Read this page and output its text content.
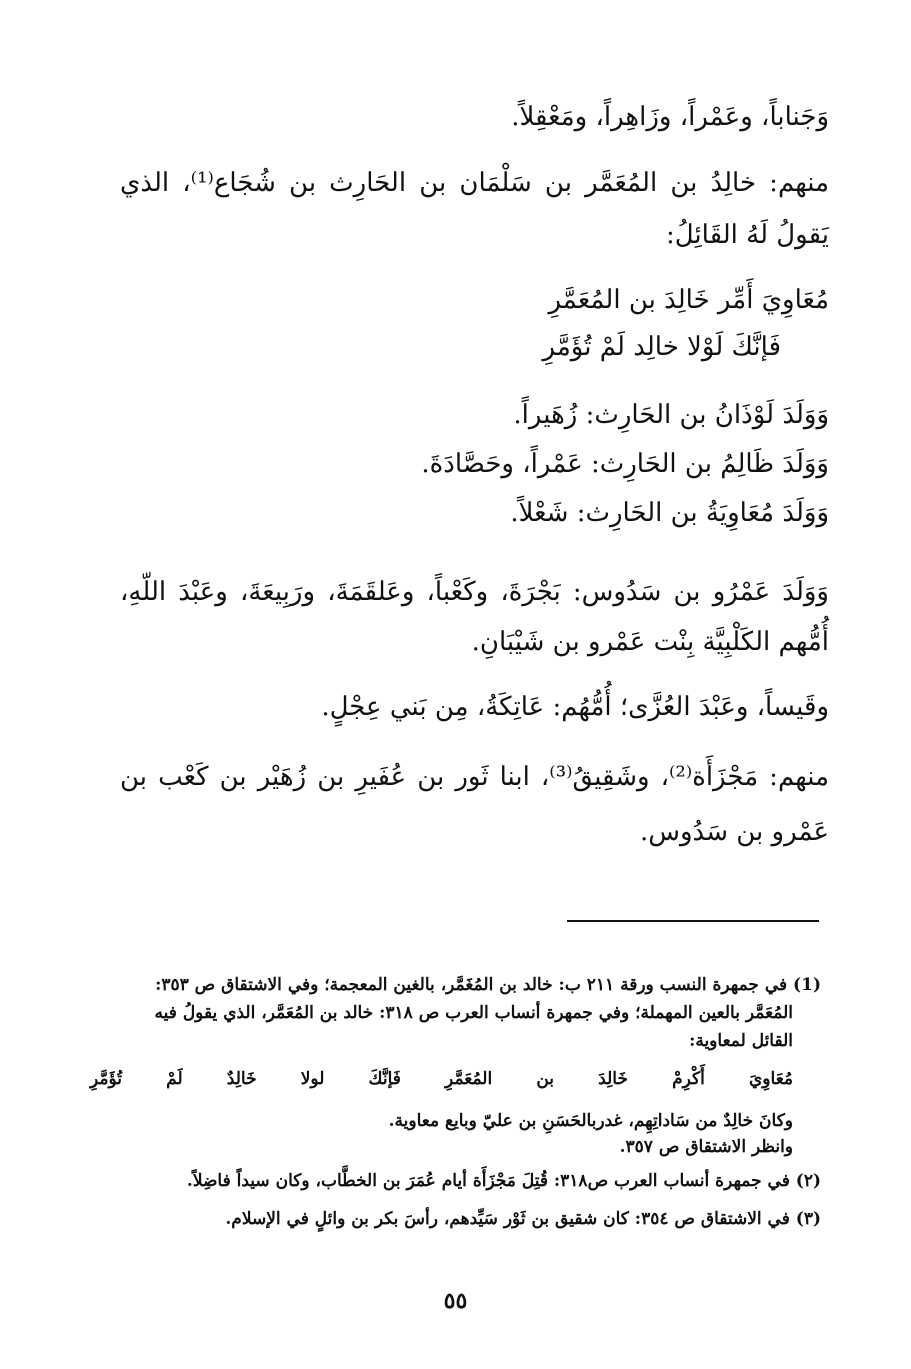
وَجَناباً، وعَمْراً، وزَاهِراً، ومَعْقِلاً.
منهم: خالِدُ بن المُعَمَّر بن سَلْمَان بن الحَارِث بن شُجَاع⁽¹⁾، الذي
يَقولُ لَهُ القَائِلُ:
مُعَاوِيَ أَمِّر خَالِدَ بن المُعَمَّرِ
فَإنَّكَ لَوْلا خالِد لَمْ تُؤَمَّرِ
وَوَلَدَ لَوْذَانُ بن الحَارِث: زُهَيراً.
وَوَلَدَ ظَالِمُ بن الحَارِث: عَمْراً، وحَصَّادَةَ.
وَوَلَدَ مُعَاوِيَةُ بن الحَارِث: شَعْلاً.
وَوَلَدَ عَمْرُو بن سَدُوس: بَجْرَةَ، وكَعْباً، وعَلقَمَةَ، ورَبِيعَةَ، وعَبْدَ اللّهِ،
أُمُّهم الكَلْبِيَّة بِنْت عَمْرو بن شَيْبَانِ.
وقَيساً، وعَبْدَ العُزَّى؛ أُمُّهُم: عَاتِكَةُ، مِن بَني عِجْلٍ.
منهم: مَجْزَأَة⁽²⁾، وشَقِيقُ⁽³⁾، ابنا ثَور بن عُفَيرِ بن زُهَيْر بن كَعْب بن
عَمْرو بن سَدُوس.
(1) في جمهرة النسب ورقة ٢١١ ب: خالد بن المُغَمَّر، بالغين المعجمة؛ وفي الاشتقاق ص ٣٥٣:
المُعَمَّر بالعين المهملة؛ وفي جمهرة أنساب العرب ص ٣١٨: خالد بن المُعَمَّر، الذي يقولُ فيه
القائل لمعاوية:
مُعَاوِيَ أَكْرِمْ خَالِدَ بن المُعَمَّرِ فَإنَّكَ لولا خَالِدٌ لَمْ تُؤَمَّرِ
وكانَ خالِدٌ من سَاداتِهِم، غدربالحَسَنِ بن عليّ وبايع معاوية.
وانظر الاشتقاق ص ٣٥٧.
(٢) في جمهرة أنساب العرب ص٣١٨: قُتِلَ مَجْزَأَة أيام عُمَرَ بن الخطَّاب، وكان سيداً فاضِلاً.
(٣) في الاشتقاق ص ٣٥٤: كان شقيق بن ثَوْر سَيِّدهم، رأسَ بكر بن وائلٍ في الإسلام.
٥٥
